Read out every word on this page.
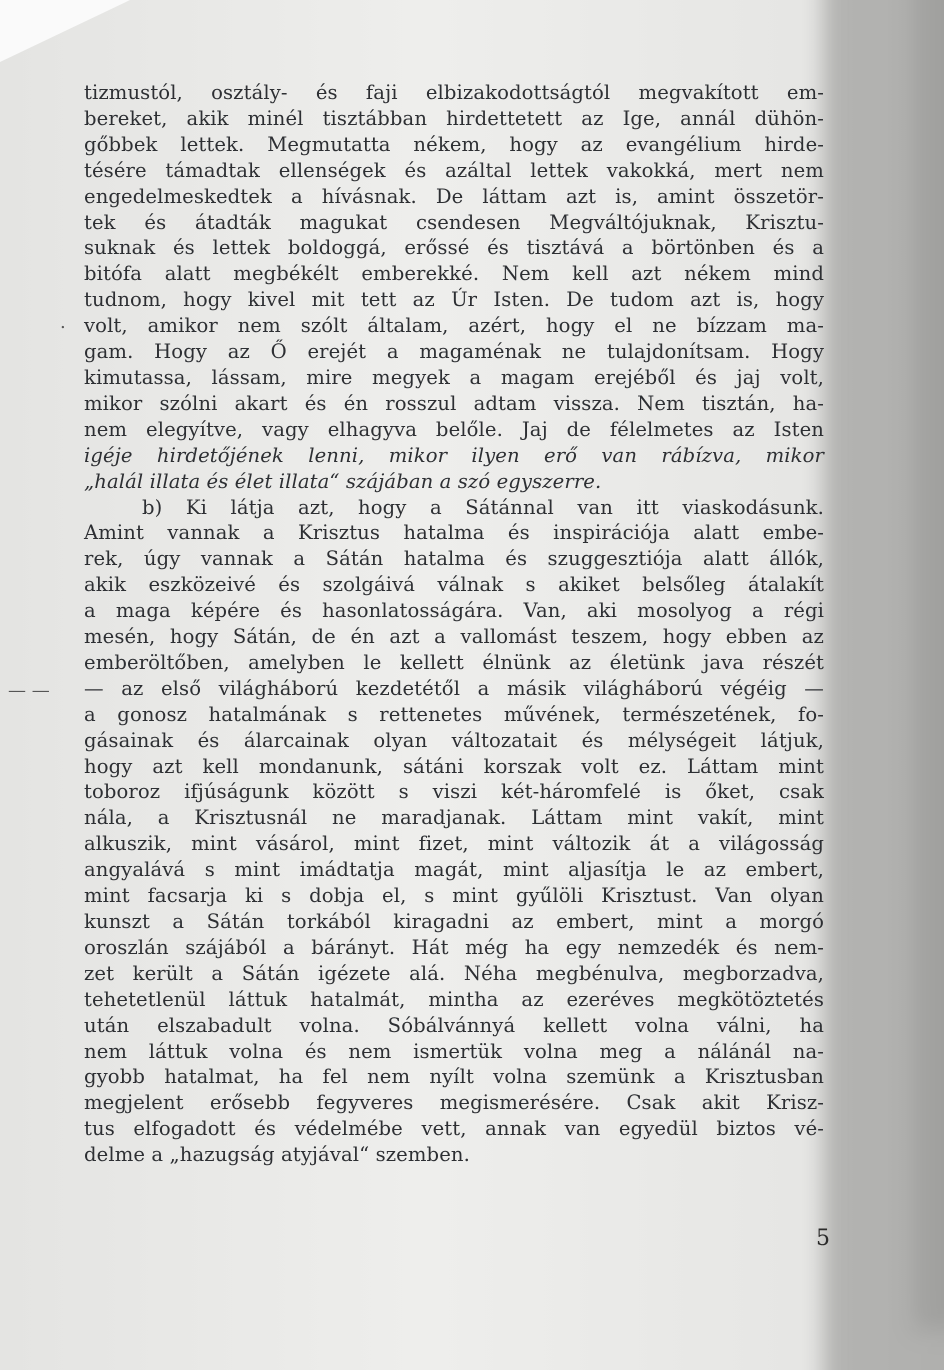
.
— —
tizmustól, osztály- és faji elbizakodottságtól megvakított em-
bereket, akik minél tisztábban hirdettetett az Ige, annál dühön-
gőbbek lettek. Megmutatta nékem, hogy az evangélium hirde-
tésére támadtak ellenségek és azáltal lettek vakokká, mert nem
engedelmeskedtek a hívásnak. De láttam azt is, amint összetör-
tek és átadták magukat csendesen Megváltójuknak, Krisztu-
suknak és lettek boldoggá, erőssé és tisztává a börtönben és a
bitófa alatt megbékélt emberekké. Nem kell azt nékem mind
tudnom, hogy kivel mit tett az Úr Isten. De tudom azt is, hogy
volt, amikor nem szólt általam, azért, hogy el ne bízzam ma-
gam. Hogy az Ő erejét a magaménak ne tulajdonítsam. Hogy
kimutassa, lássam, mire megyek a magam erejéből és jaj volt,
mikor szólni akart és én rosszul adtam vissza. Nem tisztán, ha-
nem elegyítve, vagy elhagyva belőle. Jaj de félelmetes az Isten
igéje hirdetőjének lenni, mikor ilyen erő van rábízva, mikor
„halál illata és élet illata“ szájában a szó egyszerre.
b) Ki látja azt, hogy a Sátánnal van itt viaskodásunk.
Amint vannak a Krisztus hatalma és inspirációja alatt embe-
rek, úgy vannak a Sátán hatalma és szuggesztiója alatt állók,
akik eszközeivé és szolgáivá válnak s akiket belsőleg átalakít
a maga képére és hasonlatosságára. Van, aki mosolyog a régi
mesén, hogy Sátán, de én azt a vallomást teszem, hogy ebben az
emberöltőben, amelyben le kellett élnünk az életünk java részét
— az első világháború kezdetétől a másik világháború végéig —
a gonosz hatalmának s rettenetes művének, természetének, fo-
gásainak és álarcainak olyan változatait és mélységeit látjuk,
hogy azt kell mondanunk, sátáni korszak volt ez. Láttam mint
toboroz ifjúságunk között s viszi két-háromfelé is őket, csak
nála, a Krisztusnál ne maradjanak. Láttam mint vakít, mint
alkuszik, mint vásárol, mint fizet, mint változik át a világosság
angyalává s mint imádtatja magát, mint aljasítja le az embert,
mint facsarja ki s dobja el, s mint gyűlöli Krisztust. Van olyan
kunszt a Sátán torkából kiragadni az embert, mint a morgó
oroszlán szájából a bárányt. Hát még ha egy nemzedék és nem-
zet került a Sátán igézete alá. Néha megbénulva, megborzadva,
tehetetlenül láttuk hatalmát, mintha az ezeréves megkötöztetés
után elszabadult volna. Sóbálvánnyá kellett volna válni, ha
nem láttuk volna és nem ismertük volna meg a nálánál na-
gyobb hatalmat, ha fel nem nyílt volna szemünk a Krisztusban
megjelent erősebb fegyveres megismerésére. Csak akit Krisz-
tus elfogadott és védelmébe vett, annak van egyedül biztos vé-
delme a „hazugság atyjával“ szemben.
5
